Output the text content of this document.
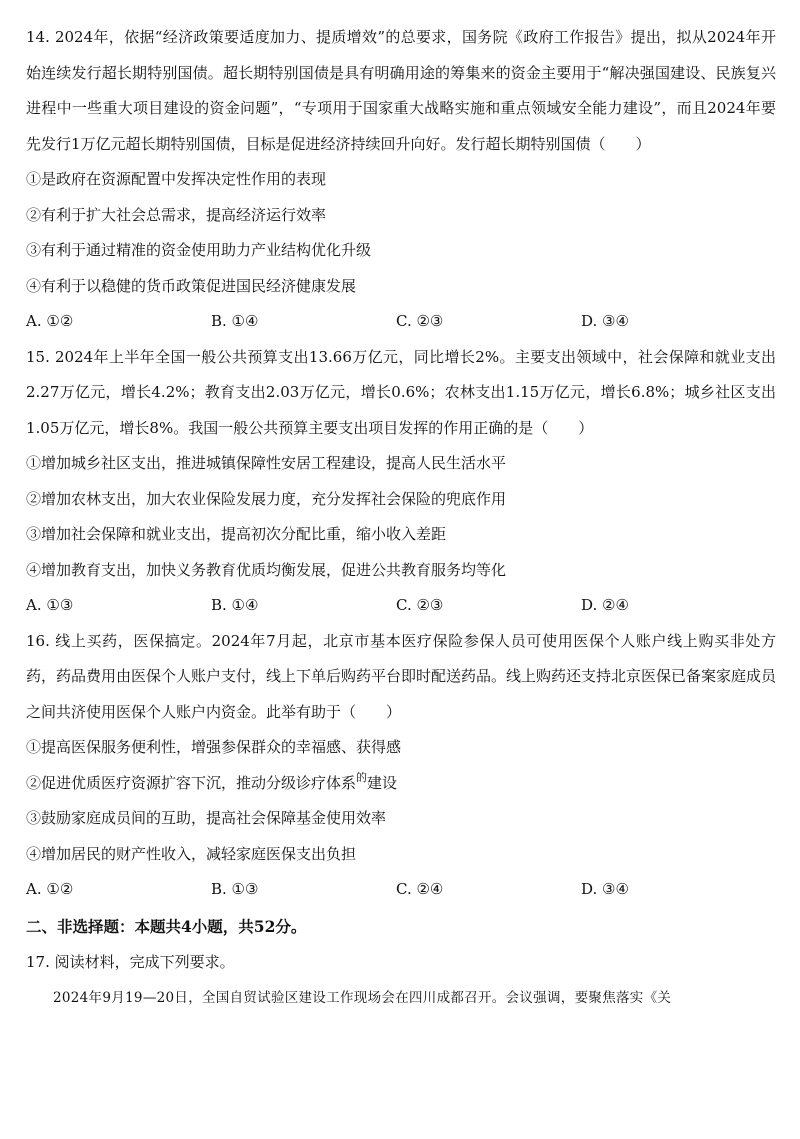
14. 2024年，依据“经济政策要适度加力、提质增效”的总要求，国务院《政府工作报告》提出，拟从2024年开始连续发行超长期特别国债。超长期特别国债是具有明确用途的筹集来的资金主要用于“解决强国建设、民族复兴进程中一些重大项目建设的资金问题”，“专项用于国家重大战略实施和重点领域安全能力建设”，而且2024年要先发行1万亿元超长期特别国债，目标是促进经济持续回升向好。发行超长期特别国债（　　）

①是政府在资源配置中发挥决定性作用的表现

②有利于扩大社会总需求，提高经济运行效率

③有利于通过精准的资金使用助力产业结构优化升级

④有利于以稳健的货币政策促进国民经济健康发展

A. ①②	B. ①④	C. ②③	D. ③④

15. 2024年上半年全国一般公共预算支出13.66万亿元，同比增长2%。主要支出领域中，社会保障和就业支出2.27万亿元，增长4.2%；教育支出2.03万亿元，增长0.6%；农林支出1.15万亿元，增长6.8%；城乡社区支出1.05万亿元，增长8%。我国一般公共预算主要支出项目发挥的作用正确的是（　　）

①增加城乡社区支出，推进城镇保障性安居工程建设，提高人民生活水平

②增加农林支出，加大农业保险发展力度，充分发挥社会保险的兜底作用

③增加社会保障和就业支出，提高初次分配比重，缩小收入差距

④增加教育支出，加快义务教育优质均衡发展，促进公共教育服务均等化

A. ①③	B. ①④	C. ②③	D. ②④

16. 线上买药，医保搞定。2024年7月起，北京市基本医疗保险参保人员可使用医保个人账户线上购买非处方药，药品费用由医保个人账户支付，线上下单后购药平台即时配送药品。线上购药还支持北京医保已备案家庭成员之间共济使用医保个人账户内资金。此举有助于（　　）

①提高医保服务便利性，增强参保群众的幸福感、获得感

②促进优质医疗资源扩容下沉，推动分级诊疗体系$^的$建设

③鼓励家庭成员间的互助，提高社会保障基金使用效率

④增加居民的财产性收入，减轻家庭医保支出负担

A. ①②	B. ①③	C. ②④	D. ③④

二、非选择题：本题共4小题，共52分。

17. 阅读材料，完成下列要求。

2024年9月19—20日，全国自贸试验区建设工作现场会在四川成都召开。会议强调，要聚焦落实《关
